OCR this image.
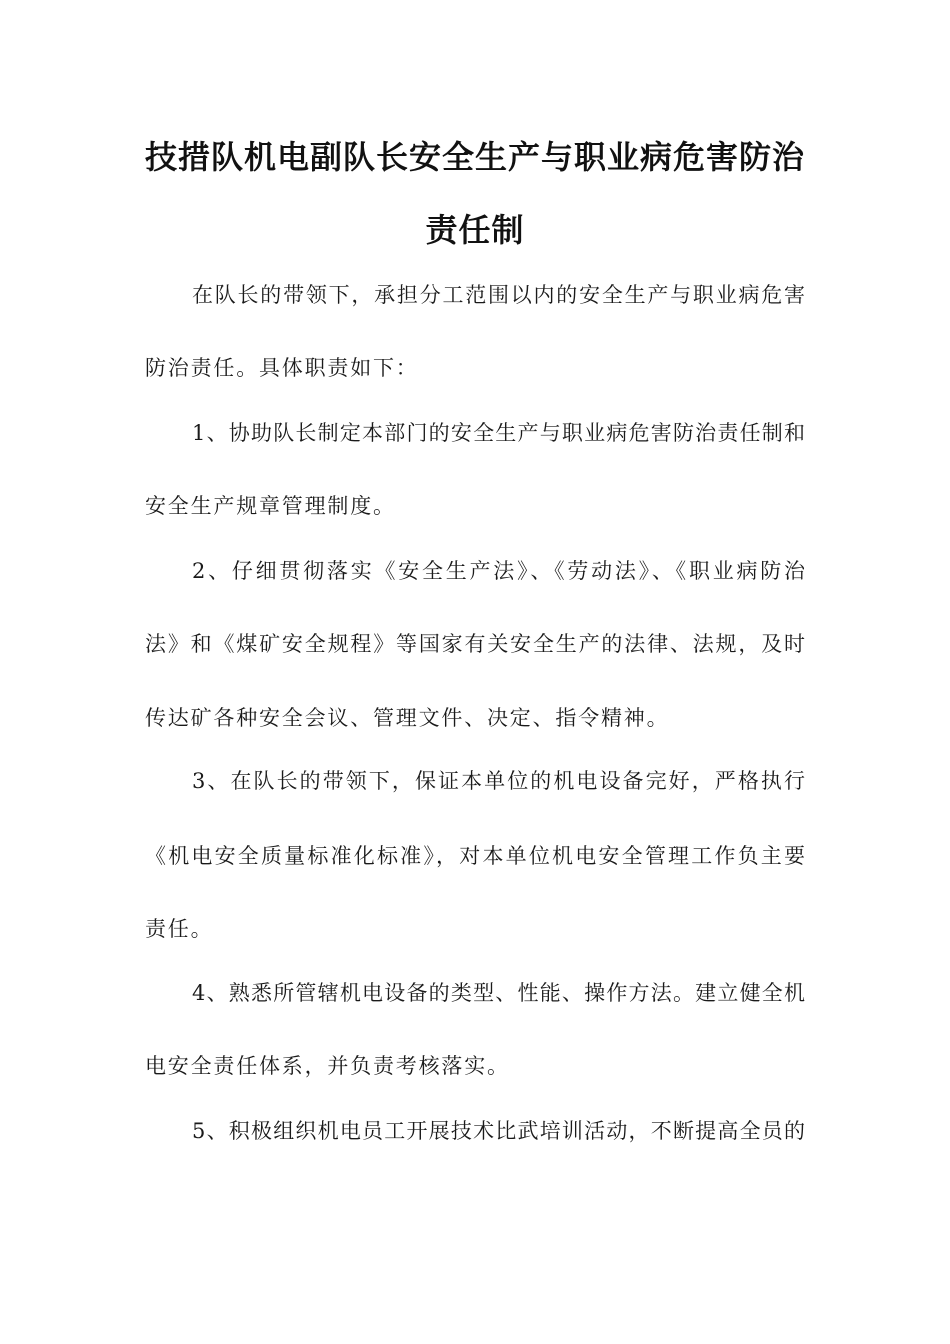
技措队机电副队长安全生产与职业病危害防治
责任制
在队长的带领下，承担分工范围以内的安全生产与职业病危害
防治责任。具体职责如下：
1、协助队长制定本部门的安全生产与职业病危害防治责任制和
安全生产规章管理制度。
2、仔细贯彻落实《安全生产法》、《劳动法》、《职业病防治
法》和《煤矿安全规程》等国家有关安全生产的法律、法规，及时
传达矿各种安全会议、管理文件、决定、指令精神。
3、在队长的带领下，保证本单位的机电设备完好，严格执行
《机电安全质量标准化标准》，对本单位机电安全管理工作负主要
责任。
4、熟悉所管辖机电设备的类型、性能、操作方法。建立健全机
电安全责任体系，并负责考核落实。
5、积极组织机电员工开展技术比武培训活动，不断提高全员的
